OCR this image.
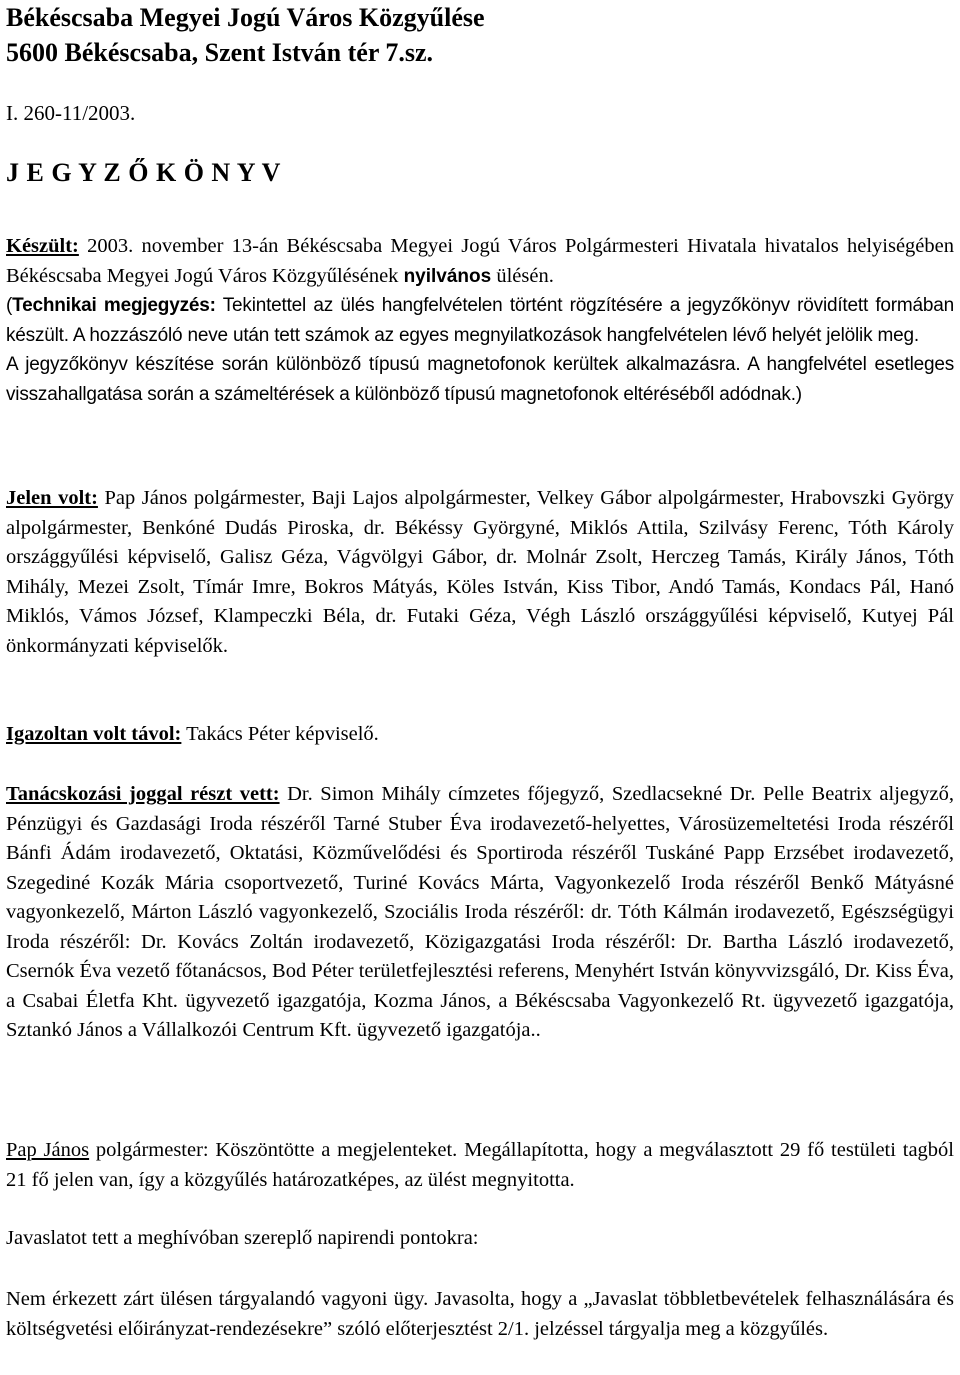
Békéscsaba Megyei Jogú Város Közgyűlése
5600 Békéscsaba, Szent István tér 7.sz.
I. 260-11/2003.
J E G Y Z Ő K Ö N Y V

Készült: 2003. november 13-án Békéscsaba Megyei Jogú Város Polgármesteri Hivatala hivatalos helyiségében Békéscsaba Megyei Jogú Város Közgyűlésének nyilvános ülésén.

(Technikai megjegyzés: Tekintettel az ülés hangfelvételen történt rögzítésére a jegyzőkönyv rövidített formában készült. A hozzászóló neve után tett számok az egyes megnyilatkozások hangfelvételen lévő helyét jelölik meg.

A jegyzőkönyv készítése során különböző típusú magnetofonok kerültek alkalmazásra. A hangfelvétel esetleges visszahallgatása során a számeltérések a különböző típusú magnetofonok eltéréséből adódnak.)

Jelen volt: Pap János polgármester, Baji Lajos alpolgármester, Velkey Gábor alpolgármester, Hrabovszki György alpolgármester, Benkóné Dudás Piroska, dr. Békéssy Györgyné, Miklós Attila, Szilvásy Ferenc, Tóth Károly országgyűlési képviselő, Galisz Géza, Vágvölgyi Gábor, dr. Molnár Zsolt, Herczeg Tamás, Király János, Tóth Mihály, Mezei Zsolt, Tímár Imre, Bokros Mátyás, Köles István, Kiss Tibor, Andó Tamás, Kondacs Pál, Hanó Miklós, Vámos József, Klampeczki Béla, dr. Futaki Géza, Végh László országgyűlési képviselő, Kutyej Pál önkormányzati képviselők.

Igazoltan volt távol: Takács Péter képviselő.

Tanácskozási joggal részt vett: Dr. Simon Mihály címzetes főjegyző, Szedlacsekné Dr. Pelle Beatrix aljegyző, Pénzügyi és Gazdasági Iroda részéről Tarné Stuber Éva irodavezető-helyettes, Városüzemeltetési Iroda részéről Bánfi Ádám irodavezető, Oktatási, Közművelődési és Sportiroda részéről Tuskáné Papp Erzsébet irodavezető, Szegediné Kozák Mária csoportvezető, Turiné Kovács Márta, Vagyonkezelő Iroda részéről Benkő Mátyásné vagyonkezelő, Márton László vagyonkezelő, Szociális Iroda részéről: dr. Tóth Kálmán irodavezető, Egészségügyi Iroda részéről: Dr. Kovács Zoltán irodavezető, Közigazgatási Iroda részéről: Dr. Bartha László irodavezető, Csernók Éva vezető főtanácsos, Bod Péter területfejlesztési referens, Menyhért István könyvvizsgáló, Dr. Kiss Éva, a Csabai Életfa Kht. ügyvezető igazgatója, Kozma János, a Békéscsaba Vagyonkezelő Rt. ügyvezető igazgatója, Sztankó János a Vállalkozói Centrum Kft. ügyvezető igazgatója..

Pap János polgármester: Köszöntötte a megjelenteket. Megállapította, hogy a megválasztott 29 fő testületi tagból 21 fő jelen van, így a közgyűlés határozatképes, az ülést megnyitotta.

Javaslatot tett a meghívóban szereplő napirendi pontokra:

Nem érkezett zárt ülésen tárgyalandó vagyoni ügy. Javasolta, hogy a „Javaslat többletbevételek felhasználására és költségvetési előirányzat-rendezésekre” szóló előterjesztést 2/1. jelzéssel tárgyalja meg a közgyűlés.
